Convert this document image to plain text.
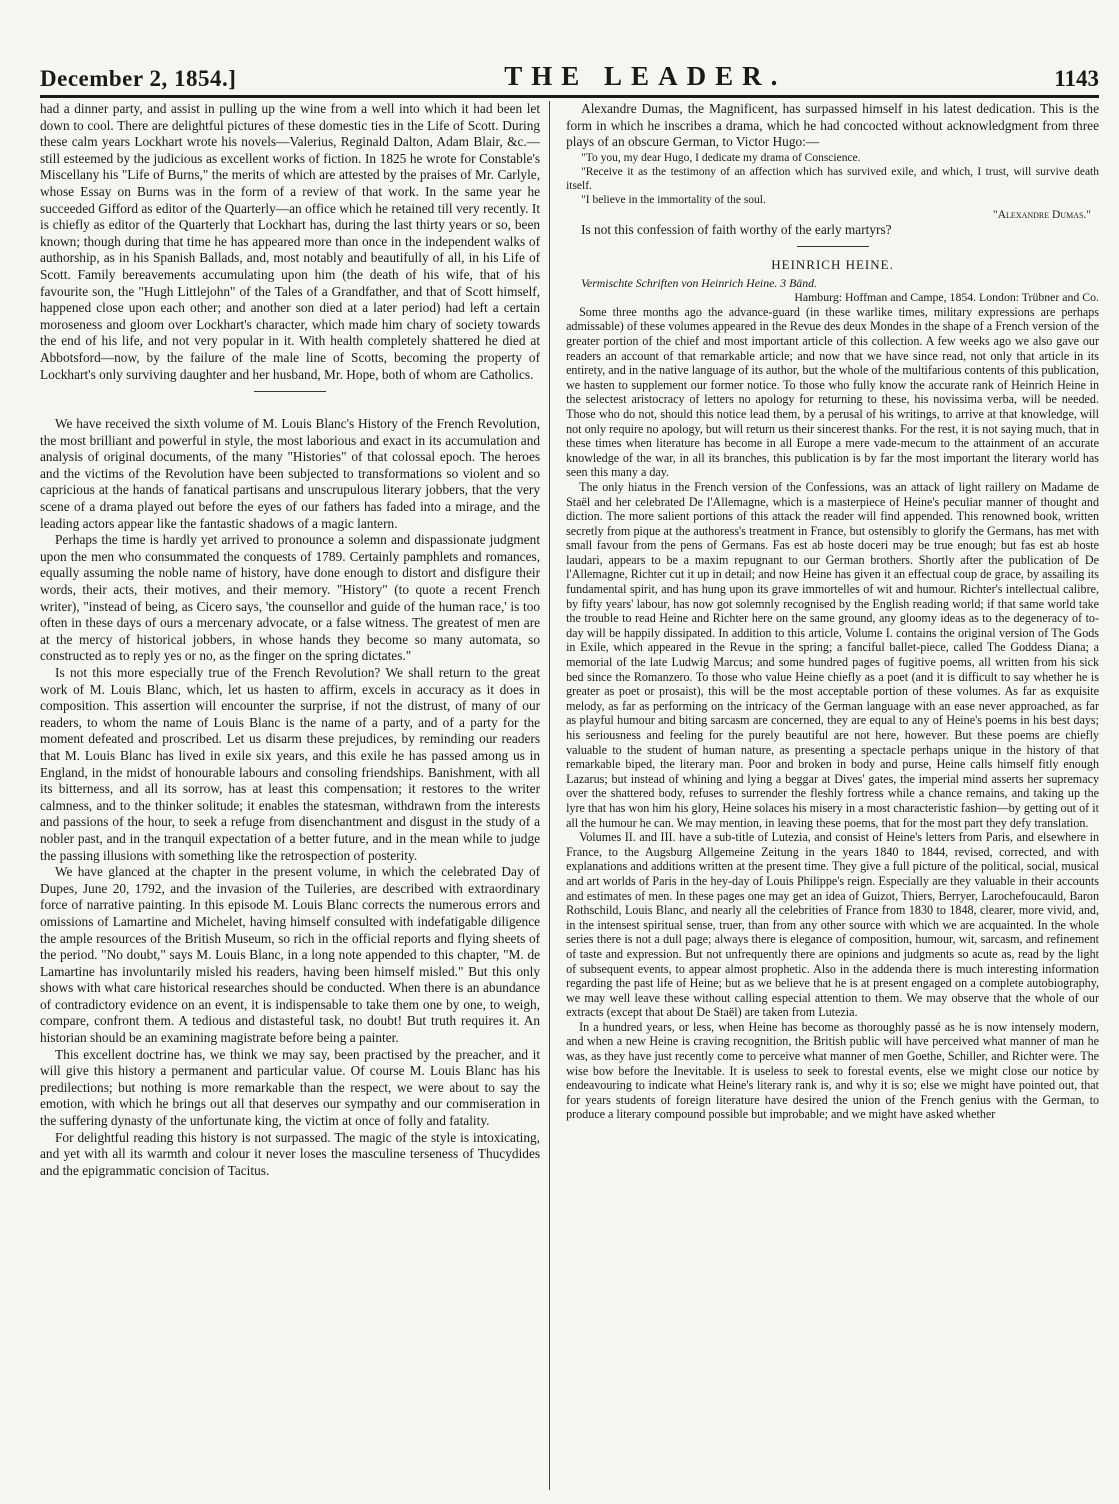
December 2, 1854.]	THE LEADER.	1143

had a dinner party, and assist in pulling up the wine from a well into which it had been let down to cool. There are delightful pictures of these domestic ties in the Life of Scott. During these calm years Lockhart wrote his novels—Valerius, Reginald Dalton, Adam Blair, &c.—still esteemed by the judicious as excellent works of fiction. In 1825 he wrote for Constable's Miscellany his "Life of Burns," the merits of which are attested by the praises of Mr. Carlyle, whose Essay on Burns was in the form of a review of that work. In the same year he succeeded Gifford as editor of the Quarterly—an office which he retained till very recently. It is chiefly as editor of the Quarterly that Lockhart has, during the last thirty years or so, been known; though during that time he has appeared more than once in the independent walks of authorship, as in his Spanish Ballads, and, most notably and beautifully of all, in his Life of Scott. Family bereavements accumulating upon him (the death of his wife, that of his favourite son, the "Hugh Littlejohn" of the Tales of a Grandfather, and that of Scott himself, happened close upon each other; and another son died at a later period) had left a certain moroseness and gloom over Lockhart's character, which made him chary of society towards the end of his life, and not very popular in it. With health completely shattered he died at Abbotsford—now, by the failure of the male line of Scotts, becoming the property of Lockhart's only surviving daughter and her husband, Mr. Hope, both of whom are Catholics.

We have received the sixth volume of M. Louis Blanc's History of the French Revolution, the most brilliant and powerful in style, the most laborious and exact in its accumulation and analysis of original documents, of the many "Histories" of that colossal epoch. The heroes and the victims of the Revolution have been subjected to transformations so violent and so capricious at the hands of fanatical partisans and unscrupulous literary jobbers, that the very scene of a drama played out before the eyes of our fathers has faded into a mirage, and the leading actors appear like the fantastic shadows of a magic lantern.

Perhaps the time is hardly yet arrived to pronounce a solemn and dispassionate judgment upon the men who consummated the conquests of 1789. Certainly pamphlets and romances, equally assuming the noble name of history, have done enough to distort and disfigure their words, their acts, their motives, and their memory. "History" (to quote a recent French writer), "instead of being, as Cicero says, 'the counsellor and guide of the human race,' is too often in these days of ours a mercenary advocate, or a false witness. The greatest of men are at the mercy of historical jobbers, in whose hands they become so many automata, so constructed as to reply yes or no, as the finger on the spring dictates."

Is not this more especially true of the French Revolution? We shall return to the great work of M. Louis Blanc, which, let us hasten to affirm, excels in accuracy as it does in composition. This assertion will encounter the surprise, if not the distrust, of many of our readers, to whom the name of Louis Blanc is the name of a party, and of a party for the moment defeated and proscribed. Let us disarm these prejudices, by reminding our readers that M. Louis Blanc has lived in exile six years, and this exile he has passed among us in England, in the midst of honourable labours and consoling friendships. Banishment, with all its bitterness, and all its sorrow, has at least this compensation; it restores to the writer calmness, and to the thinker solitude; it enables the statesman, withdrawn from the interests and passions of the hour, to seek a refuge from disenchantment and disgust in the study of a nobler past, and in the tranquil expectation of a better future, and in the mean while to judge the passing illusions with something like the retrospection of posterity.

We have glanced at the chapter in the present volume, in which the celebrated Day of Dupes, June 20, 1792, and the invasion of the Tuileries, are described with extraordinary force of narrative painting. In this episode M. Louis Blanc corrects the numerous errors and omissions of Lamartine and Michelet, having himself consulted with indefatigable diligence the ample resources of the British Museum, so rich in the official reports and flying sheets of the period. "No doubt," says M. Louis Blanc, in a long note appended to this chapter, "M. de Lamartine has involuntarily misled his readers, having been himself misled." But this only shows with what care historical researches should be conducted. When there is an abundance of contradictory evidence on an event, it is indispensable to take them one by one, to weigh, compare, confront them. A tedious and distasteful task, no doubt! But truth requires it. An historian should be an examining magistrate before being a painter.

This excellent doctrine has, we think we may say, been practised by the preacher, and it will give this history a permanent and particular value. Of course M. Louis Blanc has his predilections; but nothing is more remarkable than the respect, we were about to say the emotion, with which he brings out all that deserves our sympathy and our commiseration in the suffering dynasty of the unfortunate king, the victim at once of folly and fatality.

For delightful reading this history is not surpassed. The magic of the style is intoxicating, and yet with all its warmth and colour it never loses the masculine terseness of Thucydides and the epigrammatic concision of Tacitus.

Alexandre Dumas, the Magnificent, has surpassed himself in his latest dedication. This is the form in which he inscribes a drama, which he had concocted without acknowledgment from three plays of an obscure German, to Victor Hugo:—

"To you, my dear Hugo, I dedicate my drama of Conscience.

"Receive it as the testimony of an affection which has survived exile, and which, I trust, will survive death itself.

"I believe in the immortality of the soul.

"Alexandre Dumas."

Is not this confession of faith worthy of the early martyrs?

HEINRICH HEINE.

Vermischte Schriften von Heinrich Heine. 3 Bänd.

Hamburg: Hoffman and Campe, 1854. London: Trübner and Co.

Some three months ago the advance-guard (in these warlike times, military expressions are perhaps admissable) of these volumes appeared in the Revue des deux Mondes in the shape of a French version of the greater portion of the chief and most important article of this collection. A few weeks ago we also gave our readers an account of that remarkable article; and now that we have since read, not only that article in its entirety, and in the native language of its author, but the whole of the multifarious contents of this publication, we hasten to supplement our former notice. To those who fully know the accurate rank of Heinrich Heine in the selectest aristocracy of letters no apology for returning to these, his novissima verba, will be needed. Those who do not, should this notice lead them, by a perusal of his writings, to arrive at that knowledge, will not only require no apology, but will return us their sincerest thanks. For the rest, it is not saying much, that in these times when literature has become in all Europe a mere vade-mecum to the attainment of an accurate knowledge of the war, in all its branches, this publication is by far the most important the literary world has seen this many a day.

The only hiatus in the French version of the Confessions, was an attack of light raillery on Madame de Staël and her celebrated De l'Allemagne, which is a masterpiece of Heine's peculiar manner of thought and diction. The more salient portions of this attack the reader will find appended. This renowned book, written secretly from pique at the authoress's treatment in France, but ostensibly to glorify the Germans, has met with small favour from the pens of Germans. Fas est ab hoste doceri may be true enough; but fas est ab hoste laudari, appears to be a maxim repugnant to our German brothers. Shortly after the publication of De l'Allemagne, Richter cut it up in detail; and now Heine has given it an effectual coup de grace, by assailing its fundamental spirit, and has hung upon its grave immortelles of wit and humour. Richter's intellectual calibre, by fifty years' labour, has now got solemnly recognised by the English reading world; if that same world take the trouble to read Heine and Richter here on the same ground, any gloomy ideas as to the degeneracy of to-day will be happily dissipated. In addition to this article, Volume I. contains the original version of The Gods in Exile, which appeared in the Revue in the spring; a fanciful ballet-piece, called The Goddess Diana; a memorial of the late Ludwig Marcus; and some hundred pages of fugitive poems, all written from his sick bed since the Romanzero. To those who value Heine chiefly as a poet (and it is difficult to say whether he is greater as poet or prosaist), this will be the most acceptable portion of these volumes. As far as exquisite melody, as far as performing on the intricacy of the German language with an ease never approached, as far as playful humour and biting sarcasm are concerned, they are equal to any of Heine's poems in his best days; his seriousness and feeling for the purely beautiful are not here, however. But these poems are chiefly valuable to the student of human nature, as presenting a spectacle perhaps unique in the history of that remarkable biped, the literary man. Poor and broken in body and purse, Heine calls himself fitly enough Lazarus; but instead of whining and lying a beggar at Dives' gates, the imperial mind asserts her supremacy over the shattered body, refuses to surrender the fleshly fortress while a chance remains, and taking up the lyre that has won him his glory, Heine solaces his misery in a most characteristic fashion—by getting out of it all the humour he can. We may mention, in leaving these poems, that for the most part they defy translation.

Volumes II. and III. have a sub-title of Lutezia, and consist of Heine's letters from Paris, and elsewhere in France, to the Augsburg Allgemeine Zeitung in the years 1840 to 1844, revised, corrected, and with explanations and additions written at the present time. They give a full picture of the political, social, musical and art worlds of Paris in the hey-day of Louis Philippe's reign. Especially are they valuable in their accounts and estimates of men. In these pages one may get an idea of Guizot, Thiers, Berryer, Larochefoucauld, Baron Rothschild, Louis Blanc, and nearly all the celebrities of France from 1830 to 1848, clearer, more vivid, and, in the intensest spiritual sense, truer, than from any other source with which we are acquainted. In the whole series there is not a dull page; always there is elegance of composition, humour, wit, sarcasm, and refinement of taste and expression. But not unfrequently there are opinions and judgments so acute as, read by the light of subsequent events, to appear almost prophetic. Also in the addenda there is much interesting information regarding the past life of Heine; but as we believe that he is at present engaged on a complete autobiography, we may well leave these without calling especial attention to them. We may observe that the whole of our extracts (except that about De Staël) are taken from Lutezia.

In a hundred years, or less, when Heine has become as thoroughly passé as he is now intensely modern, and when a new Heine is craving recognition, the British public will have perceived what manner of man he was, as they have just recently come to perceive what manner of men Goethe, Schiller, and Richter were. The wise bow before the Inevitable. It is useless to seek to forestal events, else we might close our notice by endeavouring to indicate what Heine's literary rank is, and why it is so; else we might have pointed out, that for years students of foreign literature have desired the union of the French genius with the German, to produce a literary compound possible but improbable; and we might have asked whether
